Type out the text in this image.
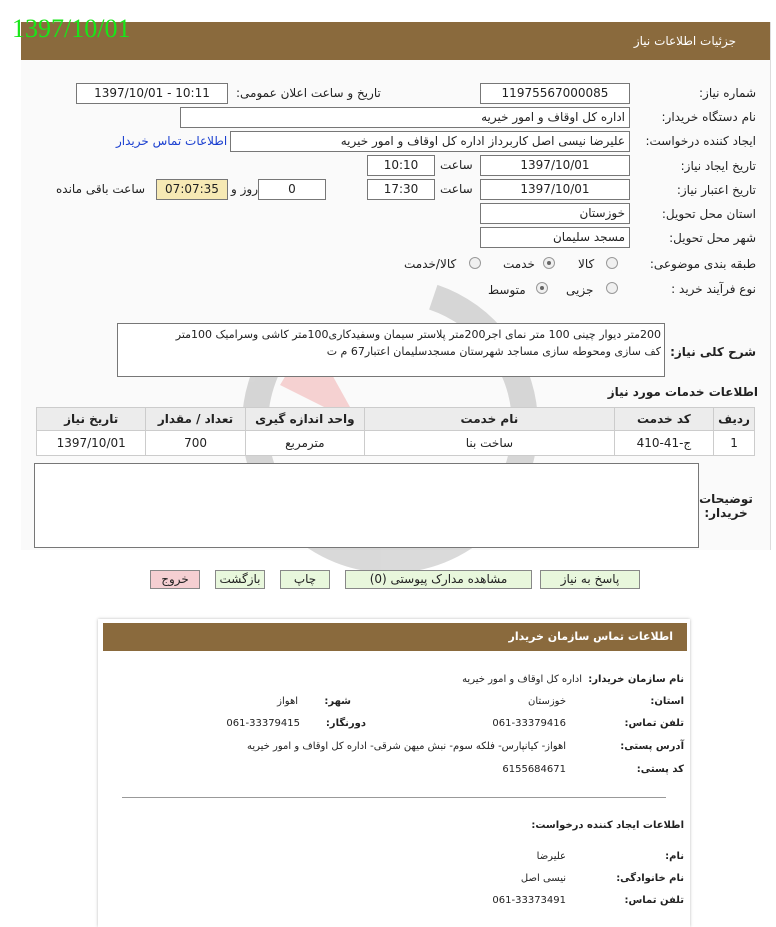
جزئیات اطلاعات نیاز
1397/10/01
شماره نیاز:
11975567000085
تاریخ و ساعت اعلان عمومی:
1397/10/01 - 10:11
نام دستگاه خریدار:
اداره کل اوقاف و امور خیریه
ایجاد کننده درخواست:
علیرضا نیسی اصل کاربرداز اداره کل اوقاف و امور خیریه
اطلاعات تماس خریدار
تاریخ ایجاد نیاز:
1397/10/01
ساعت
10:10
تاریخ اعتبار نیاز:
1397/10/01
ساعت
17:30
0
روز و
07:07:35
ساعت باقی مانده
استان محل تحویل:
خوزستان
شهر محل تحویل:
مسجد سلیمان
طبقه بندی موضوعی:
کالا
خدمت
کالا/خدمت
نوع فرآیند خرید :
جزیی
متوسط
شرح کلی نیاز:
200متر دیوار چینی 100 متر نمای اجر200متر پلاستر سیمان وسفیدکاری100متر کاشی وسرامیک 100متر
کف سازی ومحوطه سازی مساجد شهرستان مسجدسلیمان اعتبار67 م ت
اطلاعات خدمات مورد نیاز
ردیف	کد خدمت	نام خدمت	واحد اندازه گیری	تعداد / مقدار	تاریخ نیاز
1	ج-41-410	ساخت بنا	مترمربع	700	1397/10/01
توضیحات خریدار:
پاسخ به نیاز
مشاهده مدارک پیوستی (0)
چاپ
بازگشت
خروج
اطلاعات تماس سازمان خریدار
نام سازمان خریدار:
اداره کل اوقاف و امور خیریه
استان:
خوزستان
شهر:
اهواز
تلفن تماس:
061-33379416
دورنگار:
061-33379415
آدرس پستی:
اهواز- کیانپارس- فلکه سوم- نبش میهن شرقی- اداره کل اوقاف و امور خیریه
کد پستی:
6155684671
اطلاعات ایجاد کننده درخواست:
نام:
علیرضا
نام خانوادگی:
نیسی اصل
تلفن تماس:
061-33373491
